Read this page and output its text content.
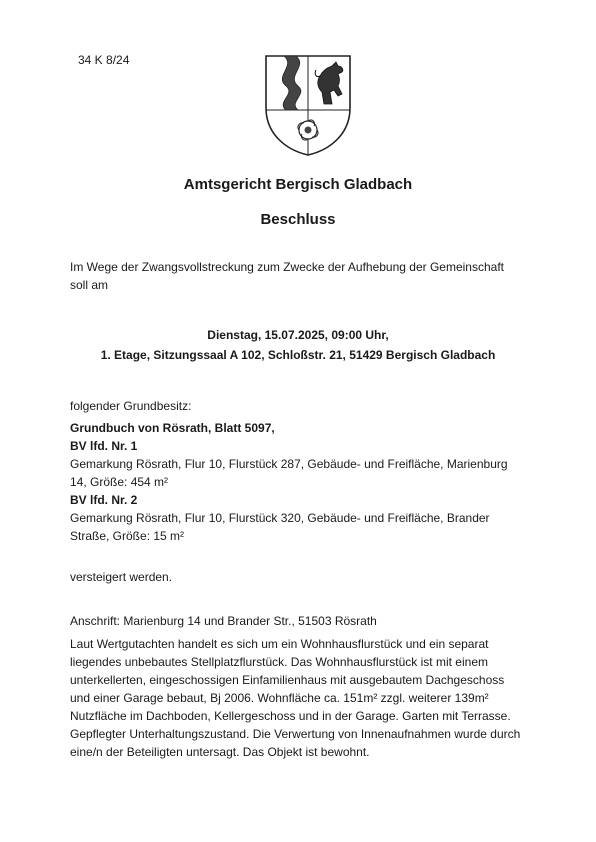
34 K 8/24
Amtsgericht Bergisch Gladbach
Beschluss
Im Wege der Zwangsvollstreckung zum Zwecke der Aufhebung der Gemeinschaft
soll am
Dienstag, 15.07.2025, 09:00 Uhr,
1. Etage, Sitzungssaal A 102, Schloßstr. 21, 51429 Bergisch Gladbach
folgender Grundbesitz:
Grundbuch von Rösrath, Blatt 5097,
BV lfd. Nr. 1
Gemarkung Rösrath, Flur 10, Flurstück 287, Gebäude- und Freifläche, Marienburg
14, Größe: 454 m²
BV lfd. Nr. 2
Gemarkung Rösrath, Flur 10, Flurstück 320, Gebäude- und Freifläche, Brander
Straße, Größe: 15 m²
versteigert werden.
Anschrift: Marienburg 14 und Brander Str., 51503 Rösrath
Laut Wertgutachten handelt es sich um ein Wohnhausflurstück und ein separat
liegendes unbebautes Stellplatzflurstück. Das Wohnhausflurstück ist mit einem
unterkellerten, eingeschossigen Einfamilienhaus mit ausgebautem Dachgeschoss
und einer Garage bebaut, Bj 2006. Wohnfläche ca. 151m² zzgl. weiterer 139m²
Nutzfläche im Dachboden, Kellergeschoss und in der Garage. Garten mit Terrasse.
Gepflegter Unterhaltungszustand. Die Verwertung von Innenaufnahmen wurde durch
eine/n der Beteiligten untersagt. Das Objekt ist bewohnt.
